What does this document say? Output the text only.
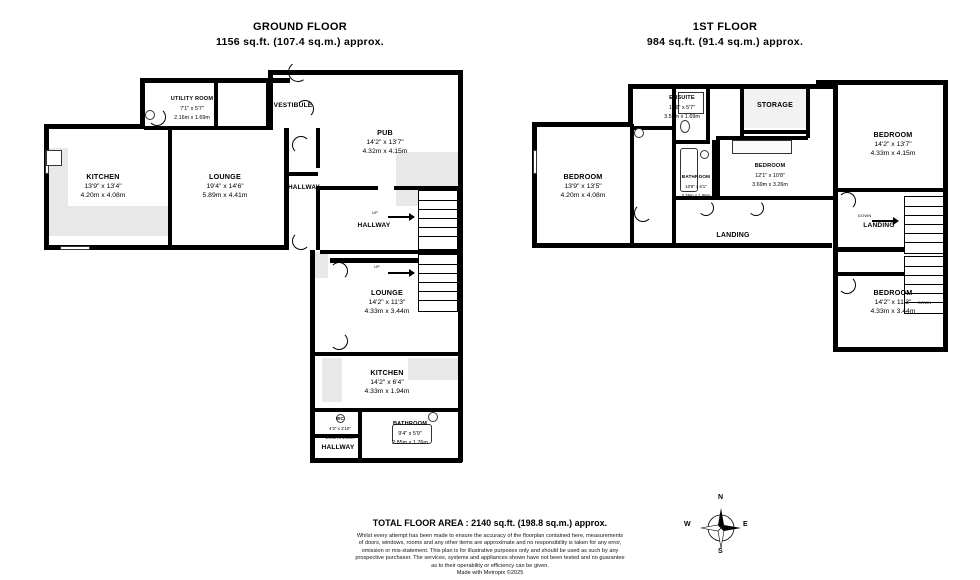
GROUND FLOOR
1156 sq.ft. (107.4 sq.m.) approx.
1ST FLOOR
984 sq.ft. (91.4 sq.m.) approx.
UP
UP
UTILITY ROOM
7'1" x 5'7"
2.16m x 1.69m
VESTIBULE
PUB
14'2" x 13'7"
4.32m x 4.15m
KITCHEN
13'9" x 13'4"
4.20m x 4.08m
LOUNGE
19'4" x 14'6"
5.89m x 4.41m
HALLWAY
HALLWAY
LOUNGE
14'2" x 11'3"
4.33m x 3.44m
KITCHEN
14'2" x 6'4"
4.33m x 1.94m
WC
4'3" x 2'10"
1.44m x 1.03m
BATHROOM
9'4" x 5'9"
2.85m x 1.76m
HALLWAY
DOWN
DOWN
ENSUITE
11'6" x 5'7"
3.51m x 1.69m
STORAGE
BEDROOM
14'2" x 13'7"
4.33m x 4.15m
BATHROOM
10'8" x 6'1"
3.26m x 1.86m
BEDROOM
12'1" x 10'8"
3.69m x 3.26m
BEDROOM
13'9" x 13'5"
4.20m x 4.08m
LANDING
LANDING
BEDROOM
14'2" x 11'3"
4.33m x 3.44m
N
S
W	E
TOTAL FLOOR AREA : 2140 sq.ft. (198.8 sq.m.) approx.
Whilst every attempt has been made to ensure the accuracy of the floorplan contained here, measurements
of doors, windows, rooms and any other items are approximate and no responsibility is taken for any error,
omission or mis-statement. This plan is for illustrative purposes only and should be used as such by any
prospective purchaser. The services, systems and appliances shown have not been tested and no guarantee
as to their operability or efficiency can be given.
Made with Metropix ©2025
